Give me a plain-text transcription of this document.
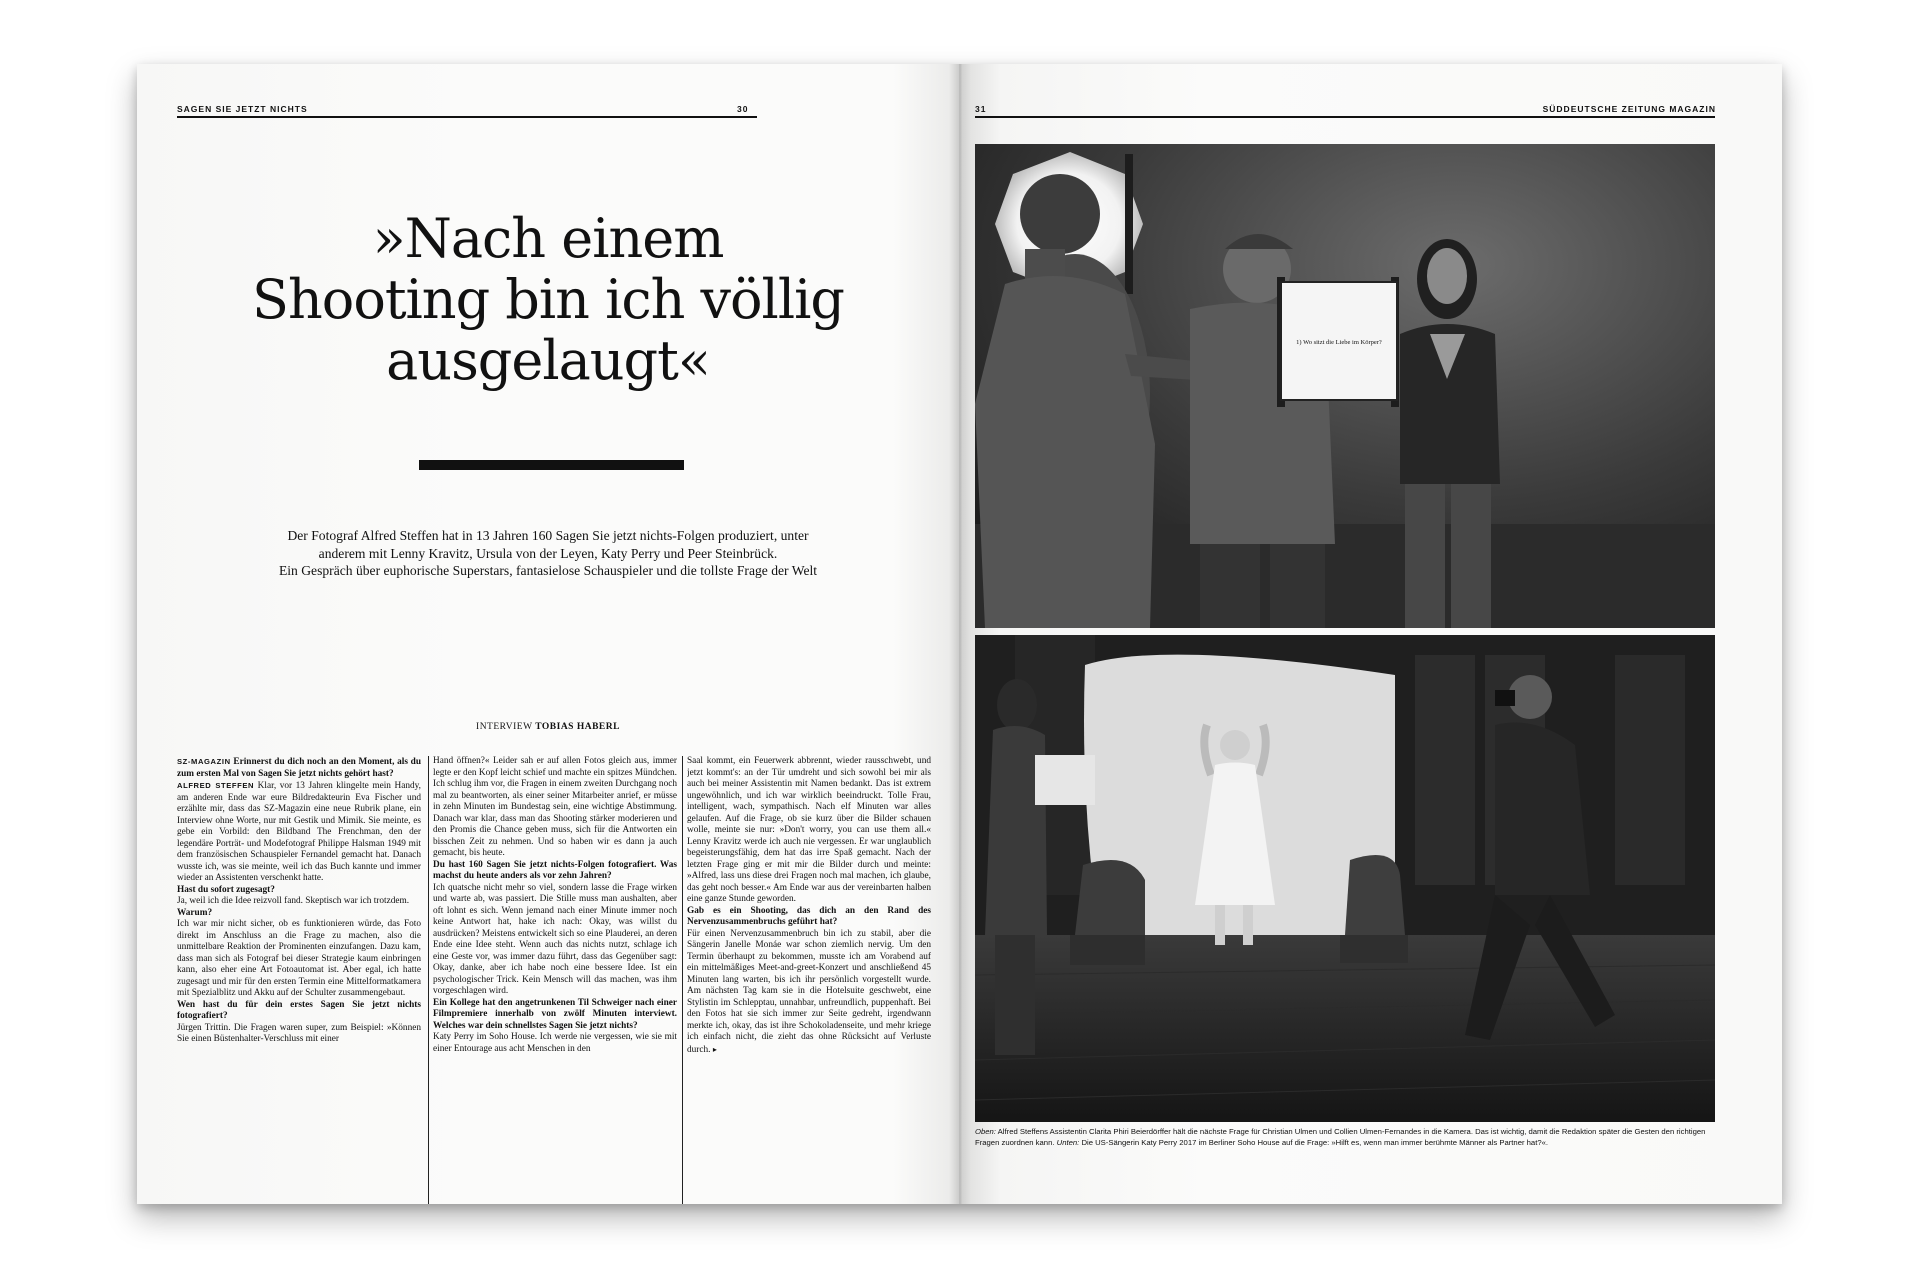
SAGEN SIE JETZT NICHTS	30
»Nach einem
Shooting bin ich völlig
ausgelaugt«

Der Fotograf Alfred Steffen hat in 13 Jahren 160 Sagen Sie jetzt nichts-Folgen produziert, unter
anderem mit Lenny Kravitz, Ursula von der Leyen, Katy Perry und Peer Steinbrück.
Ein Gespräch über euphorische Superstars, fantasielose Schauspieler und die tollste Frage der Welt

INTERVIEW TOBIAS HABERL

SZ-MAGAZIN Erinnerst du dich noch an den Moment, als du zum ersten Mal von Sagen Sie jetzt nichts gehört hast?

ALFRED STEFFEN Klar, vor 13 Jahren klingelte mein Handy, am anderen Ende war eure Bildredakteurin Eva Fischer und erzählte mir, dass das SZ-Magazin eine neue Rubrik plane, ein Interview ohne Worte, nur mit Gestik und Mimik. Sie meinte, es gebe ein Vorbild: den Bildband The Frenchman, den der legendäre Porträt- und Modefotograf Philippe Halsman 1949 mit dem französischen Schauspieler Fernandel gemacht hat. Danach wusste ich, was sie meinte, weil ich das Buch kannte und immer wieder an Assistenten verschenkt hatte.

Hast du sofort zugesagt?

Ja, weil ich die Idee reizvoll fand. Skeptisch war ich trotzdem.

Warum?

Ich war mir nicht sicher, ob es funktionieren würde, das Foto direkt im Anschluss an die Frage zu machen, also die unmittelbare Reaktion der Prominenten einzufangen. Dazu kam, dass man sich als Fotograf bei dieser Strategie kaum einbringen kann, also eher eine Art Fotoautomat ist. Aber egal, ich hatte zugesagt und mir für den ersten Termin eine Mittelformatkamera mit Spezialblitz und Akku auf der Schulter zusammengebaut.

Wen hast du für dein erstes Sagen Sie jetzt nichts fotografiert?

Jürgen Trittin. Die Fragen waren super, zum Beispiel: »Können Sie einen Büstenhalter-Verschluss mit einer

Hand öffnen?« Leider sah er auf allen Fotos gleich aus, immer legte er den Kopf leicht schief und machte ein spitzes Mündchen. Ich schlug ihm vor, die Fragen in einem zweiten Durchgang noch mal zu beantworten, als einer seiner Mitarbeiter anrief, er müsse in zehn Minuten im Bundestag sein, eine wichtige Abstimmung. Danach war klar, dass man das Shooting stärker moderieren und den Promis die Chance geben muss, sich für die Antworten ein bisschen Zeit zu nehmen. Und so haben wir es dann ja auch gemacht, bis heute.

Du hast 160 Sagen Sie jetzt nichts-Folgen fotografiert. Was machst du heute anders als vor zehn Jahren?

Ich quatsche nicht mehr so viel, sondern lasse die Frage wirken und warte ab, was passiert. Die Stille muss man aushalten, aber oft lohnt es sich. Wenn jemand nach einer Minute immer noch keine Antwort hat, hake ich nach: Okay, was willst du ausdrücken? Meistens entwickelt sich so eine Plauderei, an deren Ende eine Idee steht. Wenn auch das nichts nutzt, schlage ich eine Geste vor, was immer dazu führt, dass das Gegenüber sagt: Okay, danke, aber ich habe noch eine bessere Idee. Ist ein psychologischer Trick. Kein Mensch will das machen, was ihm vorgeschlagen wird.

Ein Kollege hat den angetrunkenen Til Schweiger nach einer Filmpremiere innerhalb von zwölf Minuten interviewt. Welches war dein schnellstes Sagen Sie jetzt nichts?

Katy Perry im Soho House. Ich werde nie vergessen, wie sie mit einer Entourage aus acht Menschen in den

Saal kommt, ein Feuerwerk abbrennt, wieder rausschwebt, und jetzt kommt's: an der Tür umdreht und sich sowohl bei mir als auch bei meiner Assistentin mit Namen bedankt. Das ist extrem ungewöhnlich, und ich war wirklich beeindruckt. Tolle Frau, intelligent, wach, sympathisch. Nach elf Minuten war alles gelaufen. Auf die Frage, ob sie kurz über die Bilder schauen wolle, meinte sie nur: »Don't worry, you can use them all.« Lenny Kravitz werde ich auch nie vergessen. Er war unglaublich begeisterungsfähig, dem hat das irre Spaß gemacht. Nach der letzten Frage ging er mit mir die Bilder durch und meinte: »Alfred, lass uns diese drei Fragen noch mal machen, ich glaube, das geht noch besser.« Am Ende war aus der vereinbarten halben eine ganze Stunde geworden.

Gab es ein Shooting, das dich an den Rand des Nervenzusammenbruchs geführt hat?

Für einen Nervenzusammenbruch bin ich zu stabil, aber die Sängerin Janelle Monáe war schon ziemlich nervig. Um den Termin überhaupt zu bekommen, musste ich am Vorabend auf ein mittelmäßiges Meet-and-greet-Konzert und anschließend 45 Minuten lang warten, bis ich ihr persönlich vorgestellt wurde. Am nächsten Tag kam sie in die Hotelsuite geschwebt, eine Stylistin im Schlepptau, unnahbar, unfreundlich, puppenhaft. Bei den Fotos hat sie sich immer zur Seite gedreht, irgendwann merkte ich, okay, das ist ihre Schokoladenseite, und mehr kriege ich einfach nicht, die zieht das ohne Rücksicht auf Verluste durch. ▸

31	SÜDDEUTSCHE ZEITUNG MAGAZIN
1) Wo sitzt die Liebe im Körper?

Oben: Alfred Steffens Assistentin Clarita Phiri Beierdörffer hält die nächste Frage für Christian Ulmen und Collien Ulmen-Fernandes in die Kamera. Das ist wichtig, damit die Redaktion später die Gesten den richtigen Fragen zuordnen kann. Unten: Die US-Sängerin Katy Perry 2017 im Berliner Soho House auf die Frage: »Hilft es, wenn man immer berühmte Männer als Partner hat?«.
